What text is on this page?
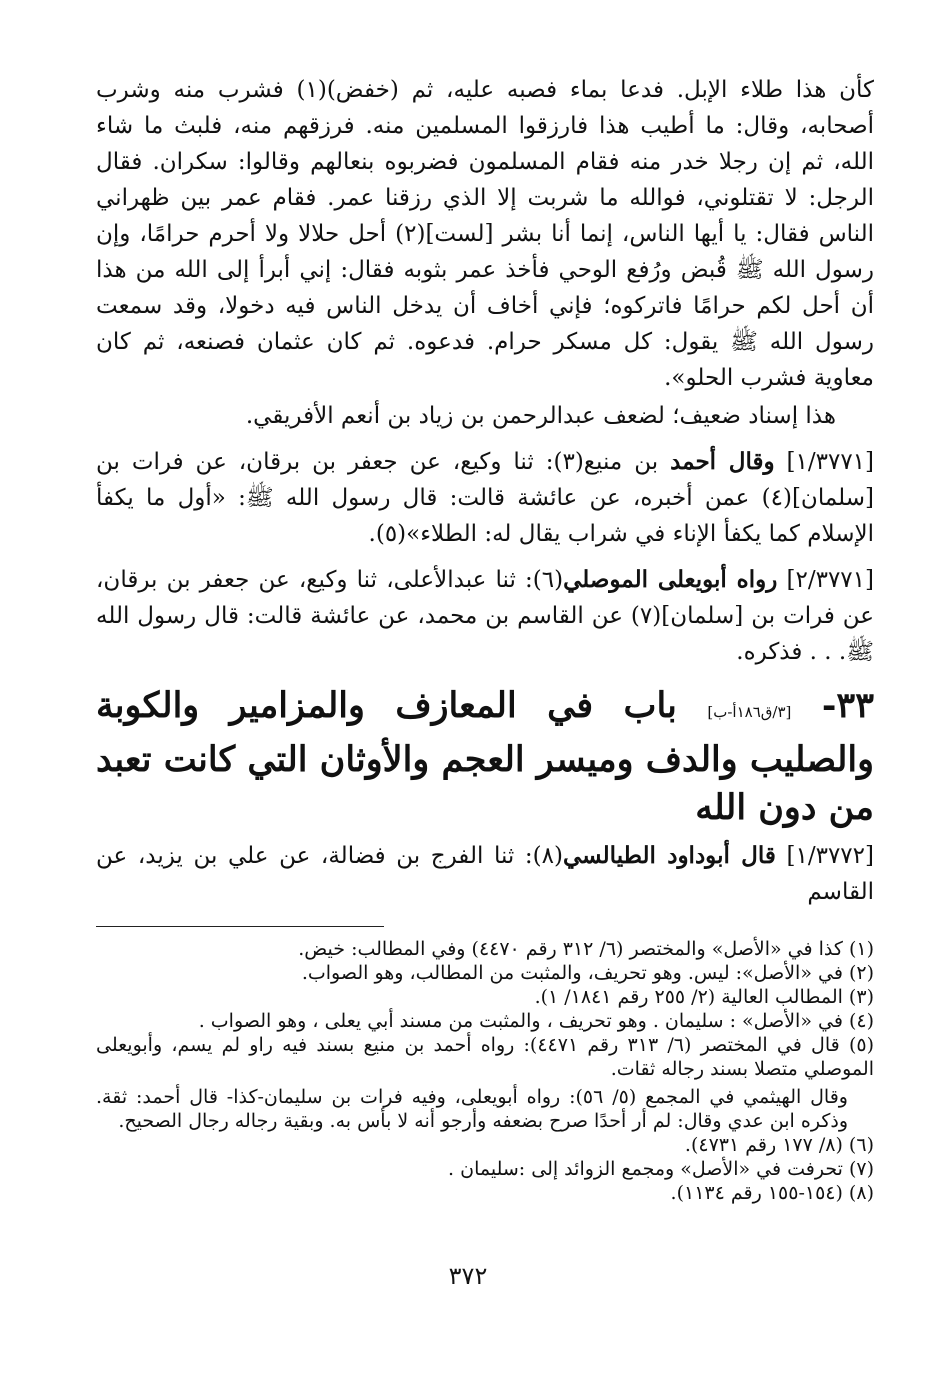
كأن هذا طلاء الإبل. فدعا بماء فصبه عليه، ثم (خفض)(١) فشرب منه وشرب أصحابه، وقال: ما أطيب هذا فارزقوا المسلمين منه. فرزقهم منه، فلبث ما شاء الله، ثم إن رجلا خدر منه فقام المسلمون فضربوه بنعالهم وقالوا: سكران. فقال الرجل: لا تقتلوني، فوالله ما شربت إلا الذي رزقنا عمر. فقام عمر بين ظهراني الناس فقال: يا أيها الناس، إنما أنا بشر [لست](٢) أحل حلالا ولا أحرم حرامًا، وإن رسول الله ﷺ قُبض ورُفع الوحي فأخذ عمر بثوبه فقال: إني أبرأ إلى الله من هذا أن أحل لكم حرامًا فاتركوه؛ فإني أخاف أن يدخل الناس فيه دخولا، وقد سمعت رسول الله ﷺ يقول: كل مسكر حرام. فدعوه. ثم كان عثمان فصنعه، ثم كان معاوية فشرب الحلو».

هذا إسناد ضعيف؛ لضعف عبدالرحمن بن زياد بن أنعم الأفريقي.

[١/٣٧٧١] وقال أحمد بن منيع(٣): ثنا وكيع، عن جعفر بن برقان، عن فرات بن [سلمان](٤) عمن أخبره، عن عائشة قالت: قال رسول الله ﷺ: «أول ما يكفأ الإسلام كما يكفأ الإناء في شراب يقال له: الطلاء»(٥).

[٢/٣٧٧١] رواه أبويعلى الموصلي(٦): ثنا عبدالأعلى، ثنا وكيع، عن جعفر بن برقان، عن فرات بن [سلمان](٧) عن القاسم بن محمد، عن عائشة قالت: قال رسول الله ﷺ. . . فذكره.

٣٣- [٣/ق١٨٦أ-ب] باب في المعازف والمزامير والكوبة والصليب والدف وميسر العجم والأوثان التي كانت تعبد من دون الله

[١/٣٧٧٢] قال أبوداود الطيالسي(٨): ثنا الفرج بن فضالة، عن علي بن يزيد، عن القاسم

(١) كذا في «الأصل» والمختصر (٦/ ٣١٢ رقم ٤٤٧٠) وفي المطالب: خيض.

(٢) في «الأصل»: ليس. وهو تحريف، والمثبت من المطالب، وهو الصواب.

(٣) المطالب العالية (٢/ ٢٥٥ رقم ١٨٤١/ ١).

(٤) في «الأصل» : سليمان . وهو تحريف ، والمثبت من مسند أبي يعلى ، وهو الصواب .

(٥) قال في المختصر (٦/ ٣١٣ رقم ٤٤٧١): رواه أحمد بن منيع بسند فيه راو لم يسم، وأبويعلى الموصلي متصلا بسند رجاله ثقات.

وقال الهيثمي في المجمع (٥/ ٥٦): رواه أبويعلى، وفيه فرات بن سليمان-كذا- قال أحمد: ثقة. وذكره ابن عدي وقال: لم أر أحدًا صرح بضعفه وأرجو أنه لا بأس به. وبقية رجاله رجال الصحيح.

(٦) (٨/ ١٧٧ رقم ٤٧٣١).

(٧) تحرفت في «الأصل» ومجمع الزوائد إلى :سليمان .

(٨) (١٥٤-١٥٥ رقم ١١٣٤).

٣٧٢
